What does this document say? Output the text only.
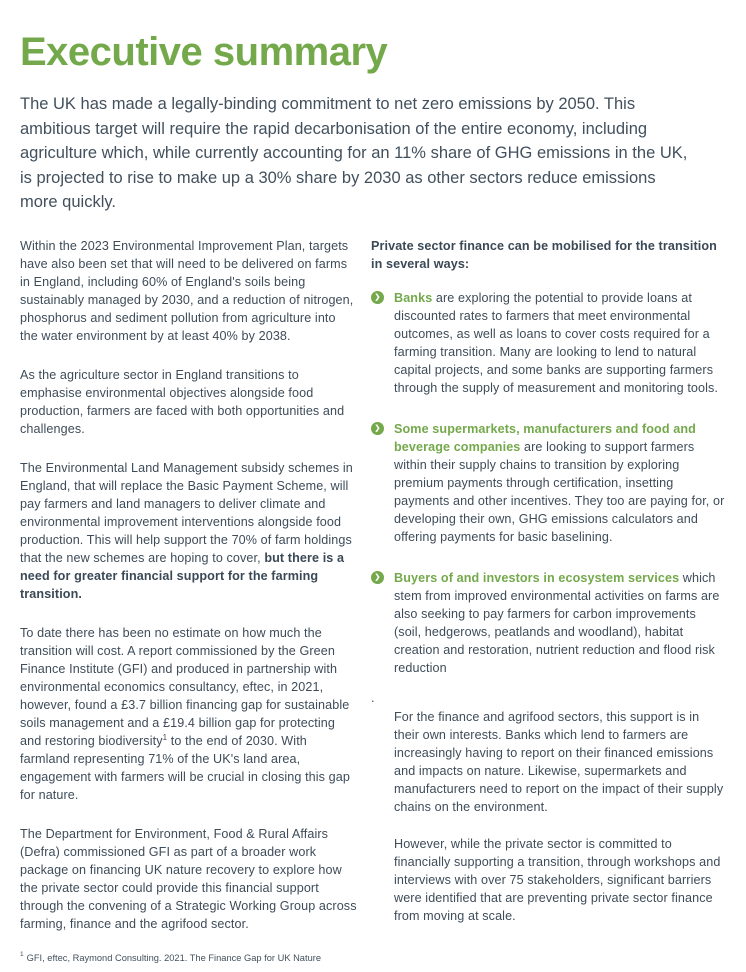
Executive summary

The UK has made a legally-binding commitment to net zero emissions by 2050. This ambitious target will require the rapid decarbonisation of the entire economy, including agriculture which, while currently accounting for an 11% share of GHG emissions in the UK, is projected to rise to make up a 30% share by 2030 as other sectors reduce emissions more quickly.

Within the 2023 Environmental Improvement Plan, targets have also been set that will need to be delivered on farms in England, including 60% of England's soils being sustainably managed by 2030, and a reduction of nitrogen, phosphorus and sediment pollution from agriculture into the water environment by at least 40% by 2038.

As the agriculture sector in England transitions to emphasise environmental objectives alongside food production, farmers are faced with both opportunities and challenges.

The Environmental Land Management subsidy schemes in England, that will replace the Basic Payment Scheme, will pay farmers and land managers to deliver climate and environmental improvement interventions alongside food production. This will help support the 70% of farm holdings that the new schemes are hoping to cover, but there is a need for greater financial support for the farming transition.

To date there has been no estimate on how much the transition will cost. A report commissioned by the Green Finance Institute (GFI) and produced in partnership with environmental economics consultancy, eftec, in 2021, however, found a £3.7 billion financing gap for sustainable soils management and a £19.4 billion gap for protecting and restoring biodiversity$^1$ to the end of 2030. With farmland representing 71% of the UK's land area, engagement with farmers will be crucial in closing this gap for nature.

The Department for Environment, Food & Rural Affairs (Defra) commissioned GFI as part of a broader work package on financing UK nature recovery to explore how the private sector could provide this financial support through the convening of a Strategic Working Group across farming, finance and the agrifood sector.

$^1$ GFI, eftec, Raymond Consulting. 2021. The Finance Gap for UK Nature
Private sector finance can be mobilised for the transition in several ways:
❯ Banks are exploring the potential to provide loans at discounted rates to farmers that meet environmental outcomes, as well as loans to cover costs required for a farming transition. Many are looking to lend to natural capital projects, and some banks are supporting farmers through the supply of measurement and monitoring tools.
❯ Some supermarkets, manufacturers and food and beverage companies are looking to support farmers within their supply chains to transition by exploring premium payments through certification, insetting payments and other incentives. They too are paying for, or developing their own, GHG emissions calculators and offering payments for basic baselining.
❯ Buyers of and investors in ecosystem services which stem from improved environmental activities on farms are also seeking to pay farmers for carbon improvements (soil, hedgerows, peatlands and woodland), habitat creation and restoration, nutrient reduction and flood risk reduction
.

For the finance and agrifood sectors, this support is in their own interests. Banks which lend to farmers are increasingly having to report on their financed emissions and impacts on nature. Likewise, supermarkets and manufacturers need to report on the impact of their supply chains on the environment.

However, while the private sector is committed to financially supporting a transition, through workshops and interviews with over 75 stakeholders, significant barriers were identified that are preventing private sector finance from moving at scale.
